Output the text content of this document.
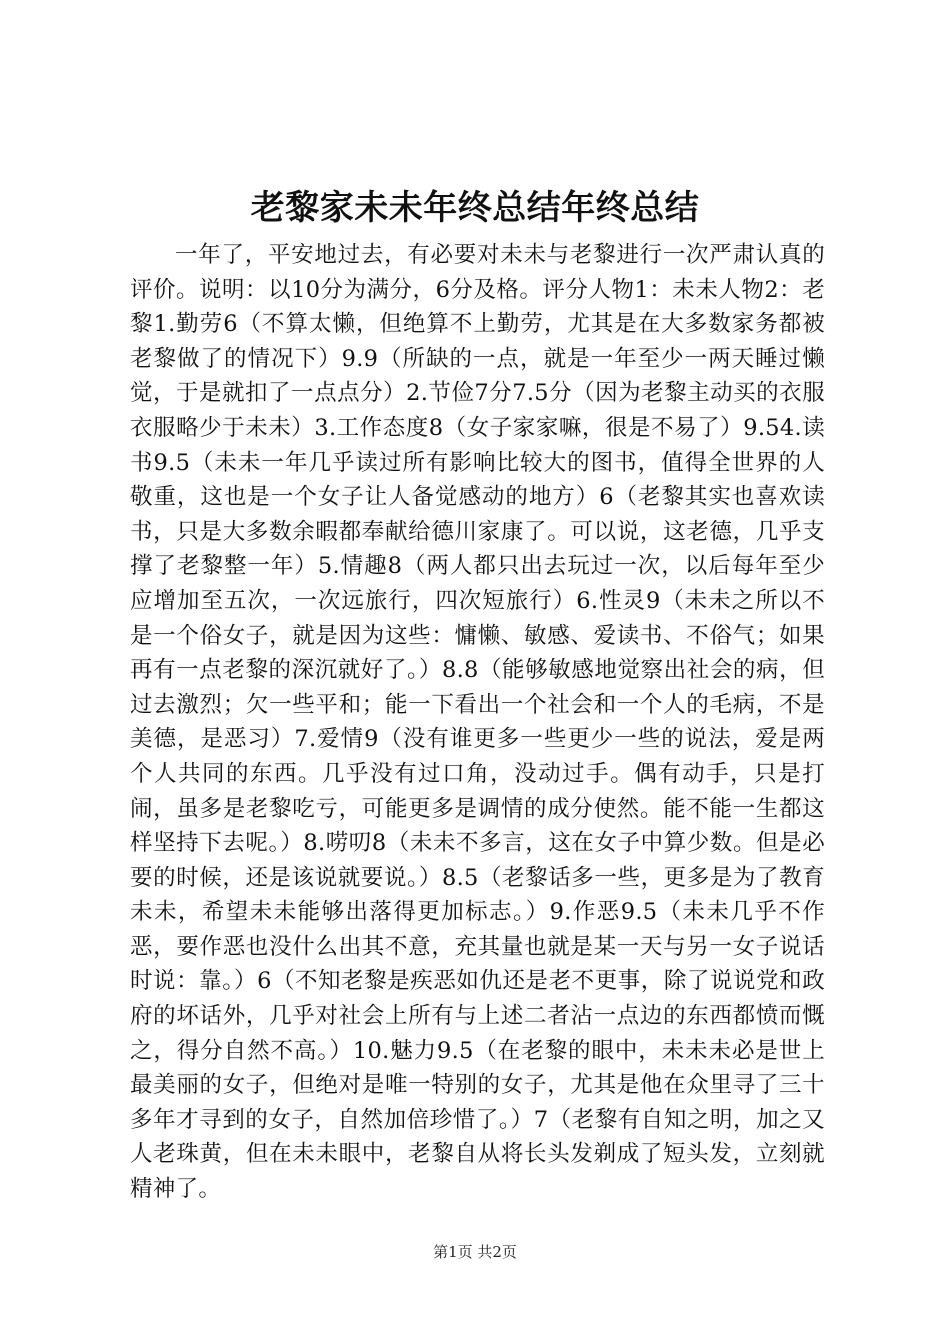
老黎家未未年终总结年终总结

一年了，平安地过去，有必要对未未与老黎进行一次严肃认真的评价。说明：以10分为满分，6分及格。评分人物1：未未人物2：老黎1.勤劳6（不算太懒，但绝算不上勤劳，尤其是在大多数家务都被老黎做了的情况下）9.9（所缺的一点，就是一年至少一两天睡过懒觉，于是就扣了一点点分）2.节俭7分7.5分（因为老黎主动买的衣服衣服略少于未未）3.工作态度8（女子家家嘛，很是不易了）9.54.读书9.5（未未一年几乎读过所有影响比较大的图书，值得全世界的人敬重，这也是一个女子让人备觉感动的地方）6（老黎其实也喜欢读书，只是大多数余暇都奉献给德川家康了。可以说，这老德，几乎支撑了老黎整一年）5.情趣8（两人都只出去玩过一次，以后每年至少应增加至五次，一次远旅行，四次短旅行）6.性灵9（未未之所以不是一个俗女子，就是因为这些：慵懒、敏感、爱读书、不俗气；如果再有一点老黎的深沉就好了。）8.8（能够敏感地觉察出社会的病，但过去激烈；欠一些平和；能一下看出一个社会和一个人的毛病，不是美德，是恶习）7.爱情9（没有谁更多一些更少一些的说法，爱是两个人共同的东西。几乎没有过口角，没动过手。偶有动手，只是打闹，虽多是老黎吃亏，可能更多是调情的成分使然。能不能一生都这样坚持下去呢。）8.唠叨8（未未不多言，这在女子中算少数。但是必要的时候，还是该说就要说。）8.5（老黎话多一些，更多是为了教育未未，希望未未能够出落得更加标志。）9.作恶9.5（未未几乎不作恶，要作恶也没什么出其不意，充其量也就是某一天与另一女子说话时说：靠。）6（不知老黎是疾恶如仇还是老不更事，除了说说党和政府的坏话外，几乎对社会上所有与上述二者沾一点边的东西都愤而慨之，得分自然不高。）10.魅力9.5（在老黎的眼中，未未未必是世上最美丽的女子，但绝对是唯一特别的女子，尤其是他在众里寻了三十多年才寻到的女子，自然加倍珍惜了。）7（老黎有自知之明，加之又人老珠黄，但在未未眼中，老黎自从将长头发剃成了短头发，立刻就精神了。

第1页 共2页
